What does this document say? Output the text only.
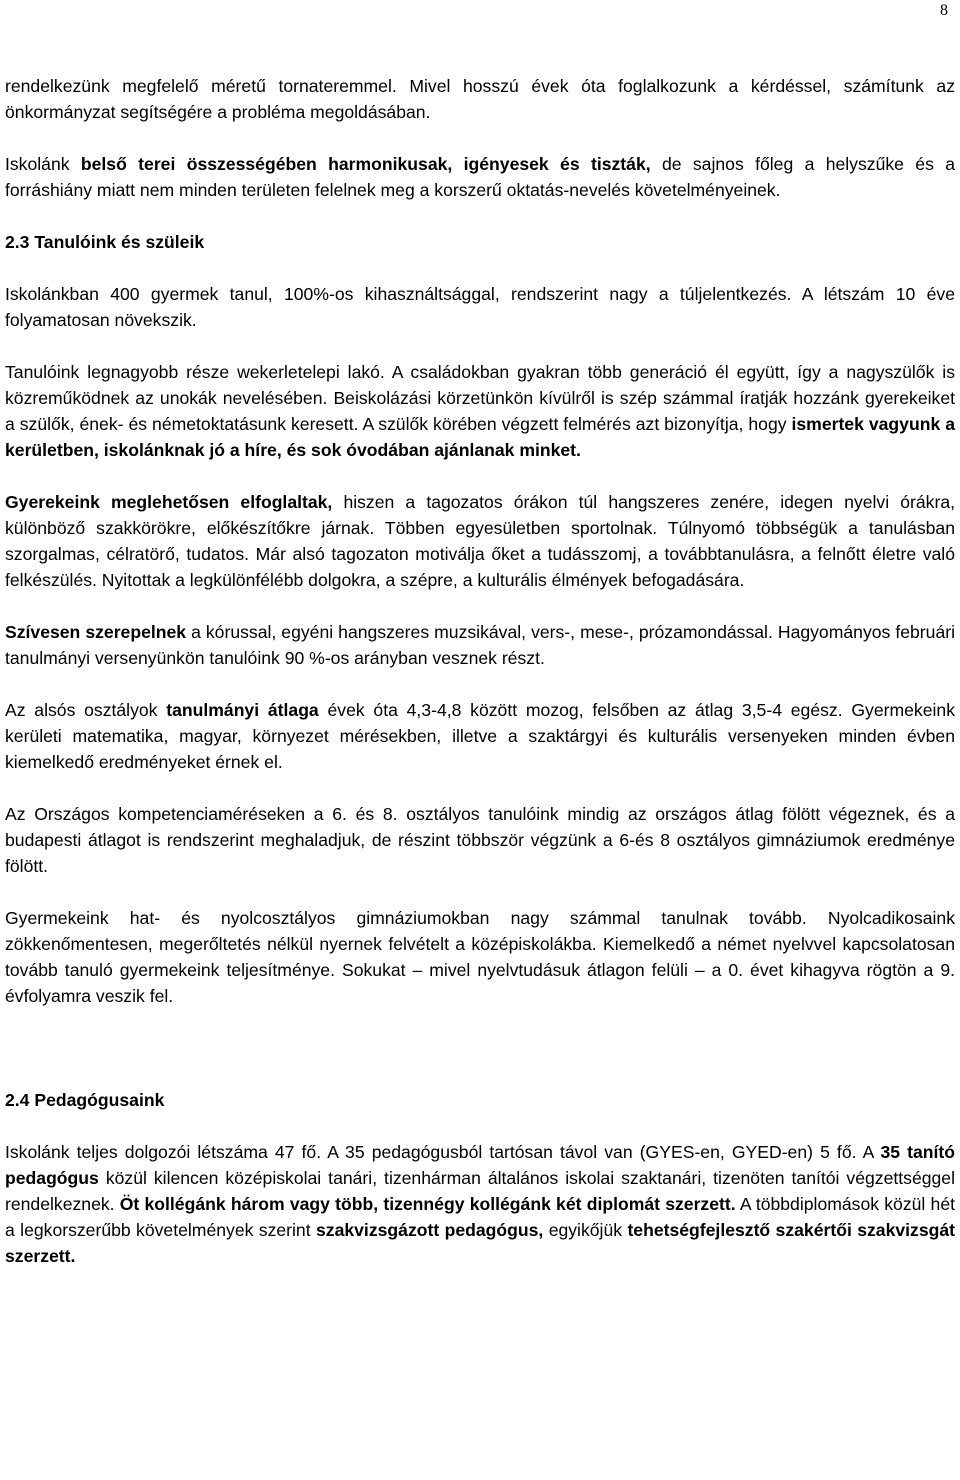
8

rendelkezünk megfelelő méretű tornateremmel. Mivel hosszú évek óta foglalkozunk a kérdéssel, számítunk az önkormányzat segítségére a probléma megoldásában.

Iskolánk belső terei összességében harmonikusak, igényesek és tiszták, de sajnos főleg a helyszűke és a forráshiány miatt nem minden területen felelnek meg a korszerű oktatás-nevelés követelményeinek.

2.3 Tanulóink és szüleik

Iskolánkban 400 gyermek tanul, 100%-os kihasználtsággal, rendszerint nagy a túljelentkezés. A létszám 10 éve folyamatosan növekszik.

Tanulóink legnagyobb része wekerletelepi lakó. A családokban gyakran több generáció él együtt, így a nagyszülők is közreműködnek az unokák nevelésében. Beiskolázási körzetünkön kívülről is szép számmal íratják hozzánk gyerekeiket a szülők, ének- és németoktatásunk keresett. A szülők körében végzett felmérés azt bizonyítja, hogy ismertek vagyunk a kerületben, iskolánknak jó a híre, és sok óvodában ajánlanak minket.

Gyerekeink meglehetősen elfoglaltak, hiszen a tagozatos órákon túl hangszeres zenére, idegen nyelvi órákra, különböző szakkörökre, előkészítőkre járnak. Többen egyesületben sportolnak. Túlnyomó többségük a tanulásban szorgalmas, célratörő, tudatos. Már alsó tagozaton motiválja őket a tudásszomj, a továbbtanulásra, a felnőtt életre való felkészülés. Nyitottak a legkülönfélébb dolgokra, a szépre, a kulturális élmények befogadására.

Szívesen szerepelnek a kórussal, egyéni hangszeres muzsikával, vers-, mese-, prózamondással. Hagyományos februári tanulmányi versenyünkön tanulóink 90 %-os arányban vesznek részt.

Az alsós osztályok tanulmányi átlaga évek óta 4,3-4,8 között mozog, felsőben az átlag 3,5-4 egész. Gyermekeink kerületi matematika, magyar, környezet mérésekben, illetve a szaktárgyi és kulturális versenyeken minden évben kiemelkedő eredményeket érnek el.

Az Országos kompetenciaméréseken a 6. és 8. osztályos tanulóink mindig az országos átlag fölött végeznek, és a budapesti átlagot is rendszerint meghaladjuk, de részint többször végzünk a 6-és 8 osztályos gimnáziumok eredménye fölött.

Gyermekeink hat- és nyolcosztályos gimnáziumokban nagy számmal tanulnak tovább. Nyolcadikosaink zökkenőmentesen, megerőltetés nélkül nyernek felvételt a középiskolákba. Kiemelkedő a német nyelvvel kapcsolatosan tovább tanuló gyermekeink teljesítménye. Sokukat – mivel nyelvtudásuk átlagon felüli – a 0. évet kihagyva rögtön a 9. évfolyamra veszik fel.

2.4 Pedagógusaink

Iskolánk teljes dolgozói létszáma 47 fő. A 35 pedagógusból tartósan távol van (GYES-en, GYED-en) 5 fő. A 35 tanító pedagógus közül kilencen középiskolai tanári, tizenhárman általános iskolai szaktanári, tizenöten tanítói végzettséggel rendelkeznek. Öt kollégánk három vagy több, tizennégy kollégánk két diplomát szerzett. A többdiplomások közül hét a legkorszerűbb követelmények szerint szakvizsgázott pedagógus, egyikőjük tehetségfejlesztő szakértői szakvizsgát szerzett.
